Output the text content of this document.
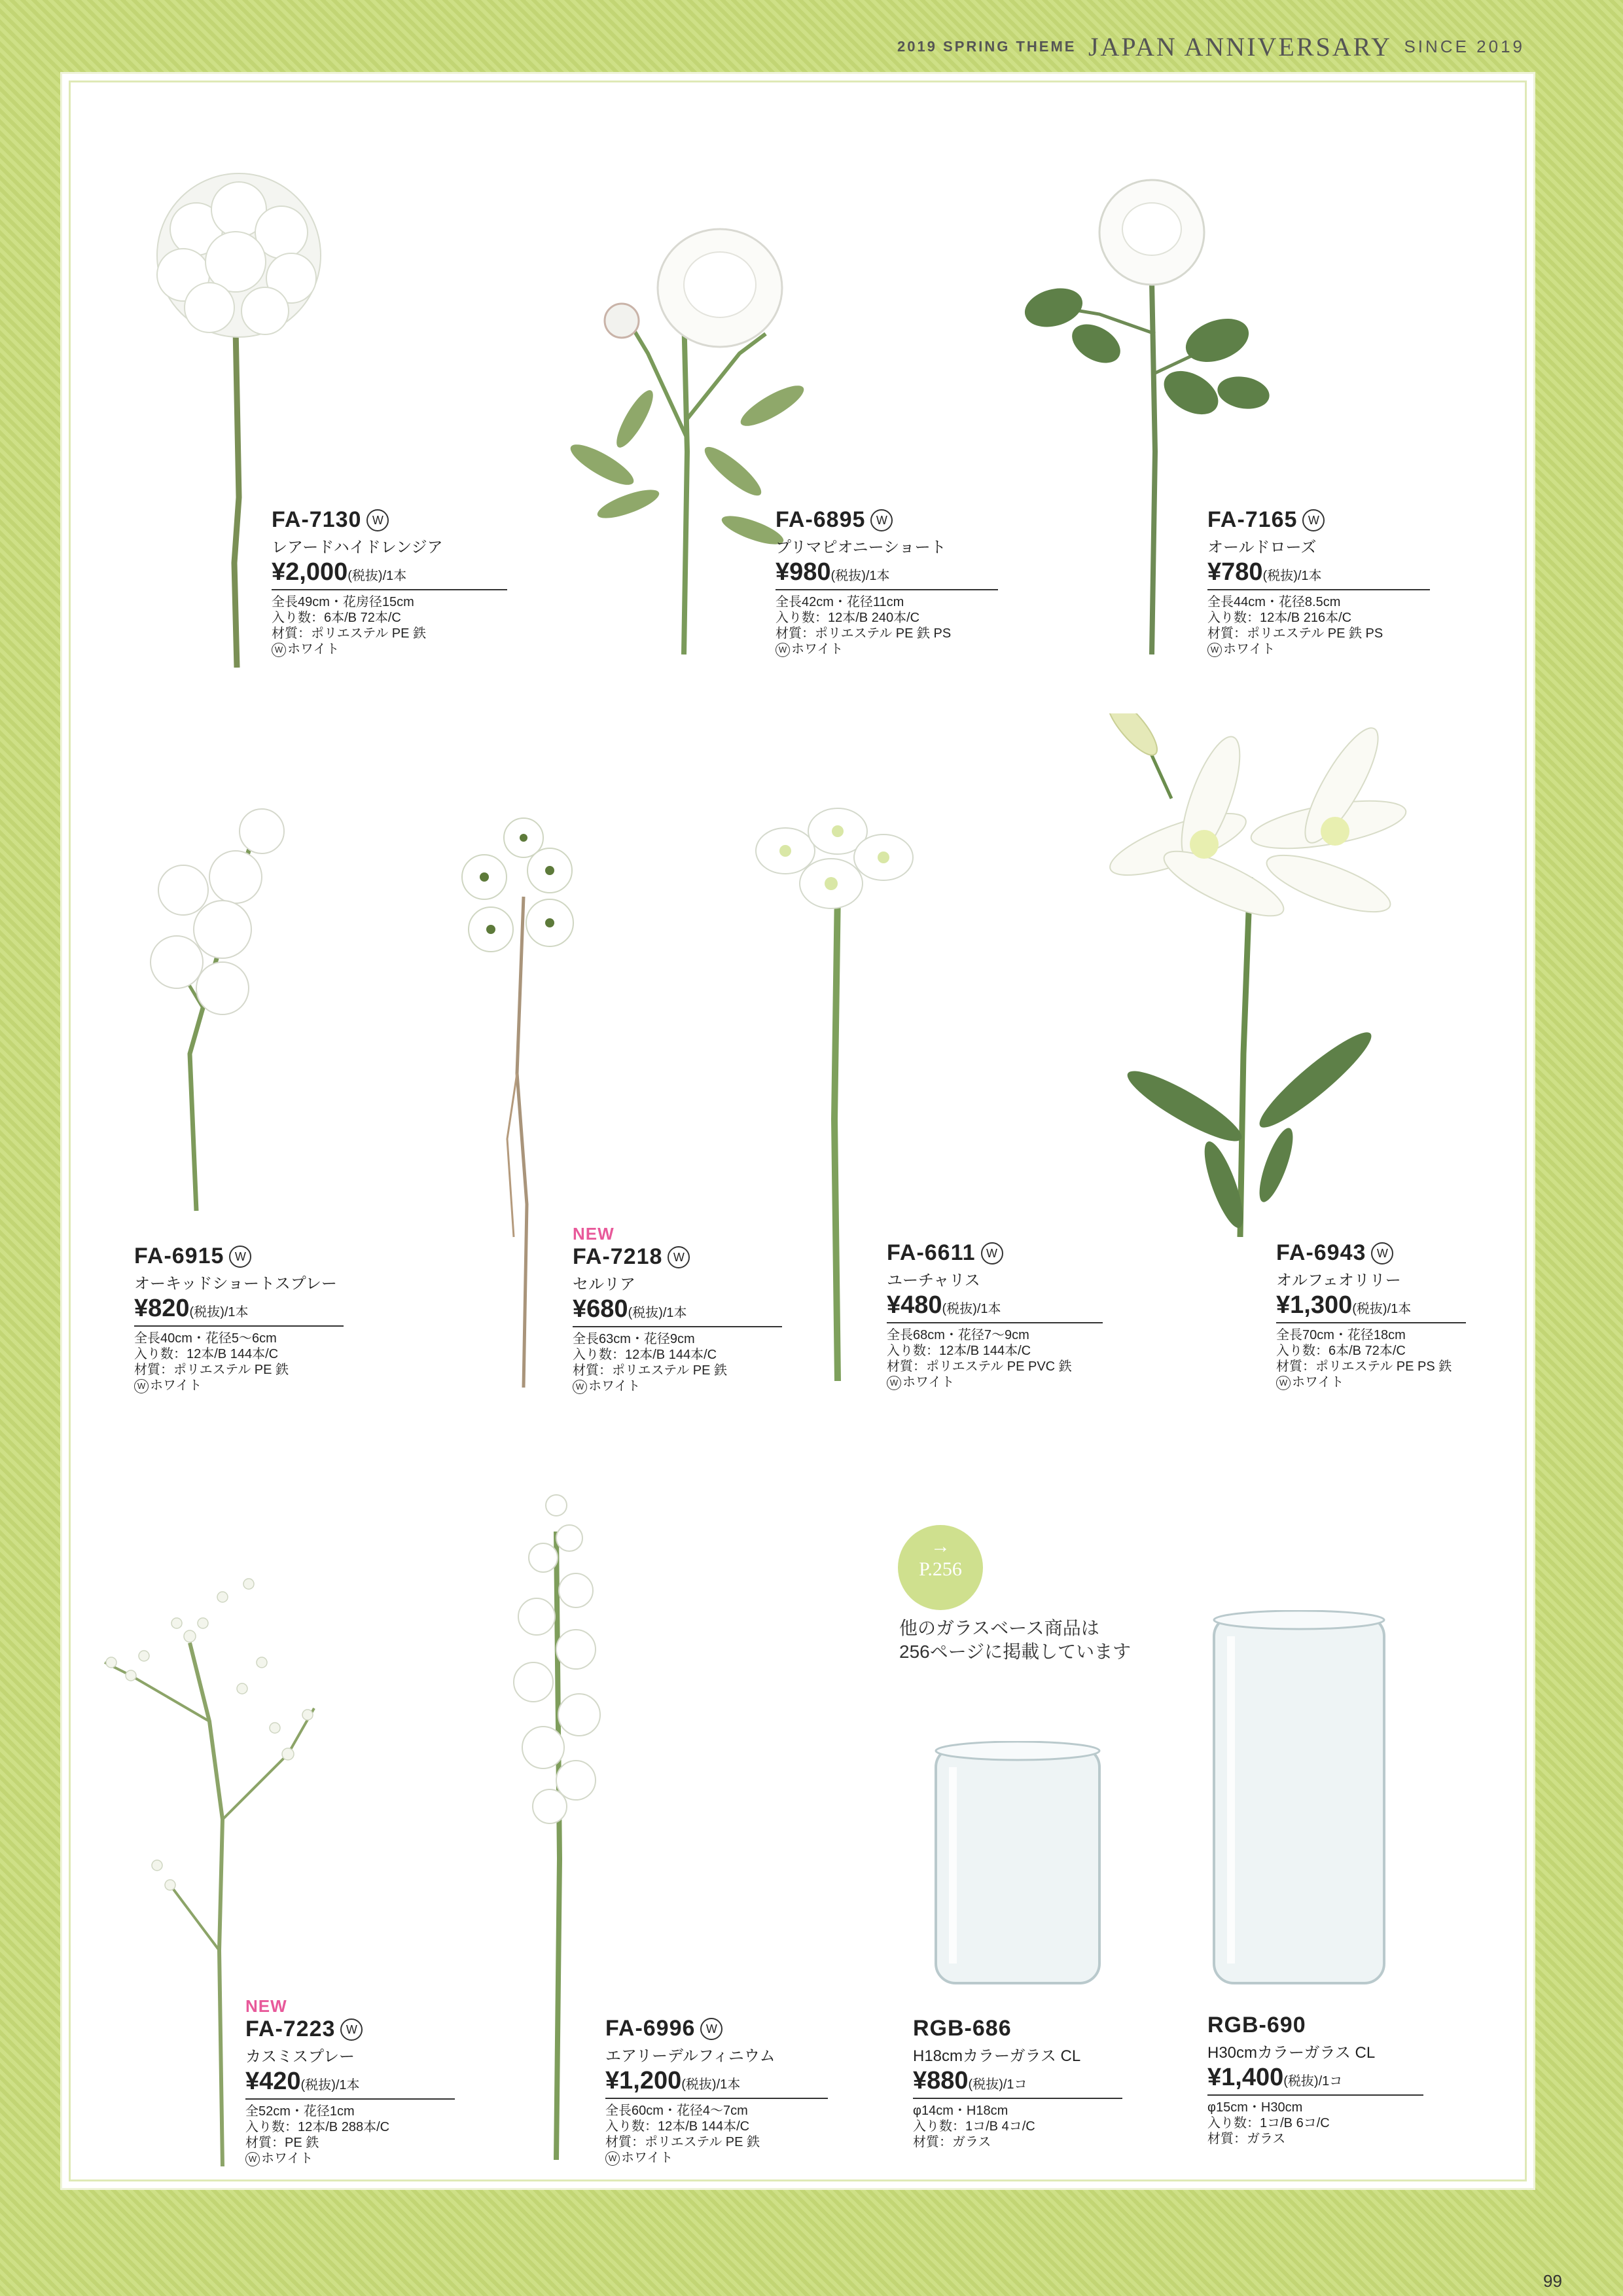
2019 SPRING THEME JAPAN ANNIVERSARY SINCE 2019
→
P.256
他のガラスベース商品は
256ページに掲載しています
FA-7130 W
レアードハイドレンジア
¥2,000(税抜)/1本
全長49cm・花房径15cm
入り数：6本/B 72本/C
材質：ポリエステル PE 鉄
W ホワイト
FA-6895 W
プリマピオニーショート
¥980(税抜)/1本
全長42cm・花径11cm
入り数：12本/B 240本/C
材質：ポリエステル PE 鉄 PS
W ホワイト
FA-7165 W
オールドローズ
¥780(税抜)/1本
全長44cm・花径8.5cm
入り数：12本/B 216本/C
材質：ポリエステル PE 鉄 PS
W ホワイト
FA-6915 W
オーキッドショートスプレー
¥820(税抜)/1本
全長40cm・花径5〜6cm
入り数：12本/B 144本/C
材質：ポリエステル PE 鉄
W ホワイト
NEW
FA-7218 W
セルリア
¥680(税抜)/1本
全長63cm・花径9cm
入り数：12本/B 144本/C
材質：ポリエステル PE 鉄
W ホワイト
FA-6611 W
ユーチャリス
¥480(税抜)/1本
全長68cm・花径7〜9cm
入り数：12本/B 144本/C
材質：ポリエステル PE PVC 鉄
W ホワイト
FA-6943 W
オルフェオリリー
¥1,300(税抜)/1本
全長70cm・花径18cm
入り数：6本/B 72本/C
材質：ポリエステル PE PS 鉄
W ホワイト
NEW
FA-7223 W
カスミスプレー
¥420(税抜)/1本
全52cm・花径1cm
入り数：12本/B 288本/C
材質：PE 鉄
W ホワイト
FA-6996 W
エアリーデルフィニウム
¥1,200(税抜)/1本
全長60cm・花径4〜7cm
入り数：12本/B 144本/C
材質：ポリエステル PE 鉄
W ホワイト
RGB-686
H18cmカラーガラス CL
¥880(税抜)/1コ
φ14cm・H18cm
入り数：1コ/B 4コ/C
材質：ガラス
RGB-690
H30cmカラーガラス CL
¥1,400(税抜)/1コ
φ15cm・H30cm
入り数：1コ/B 6コ/C
材質：ガラス
99
